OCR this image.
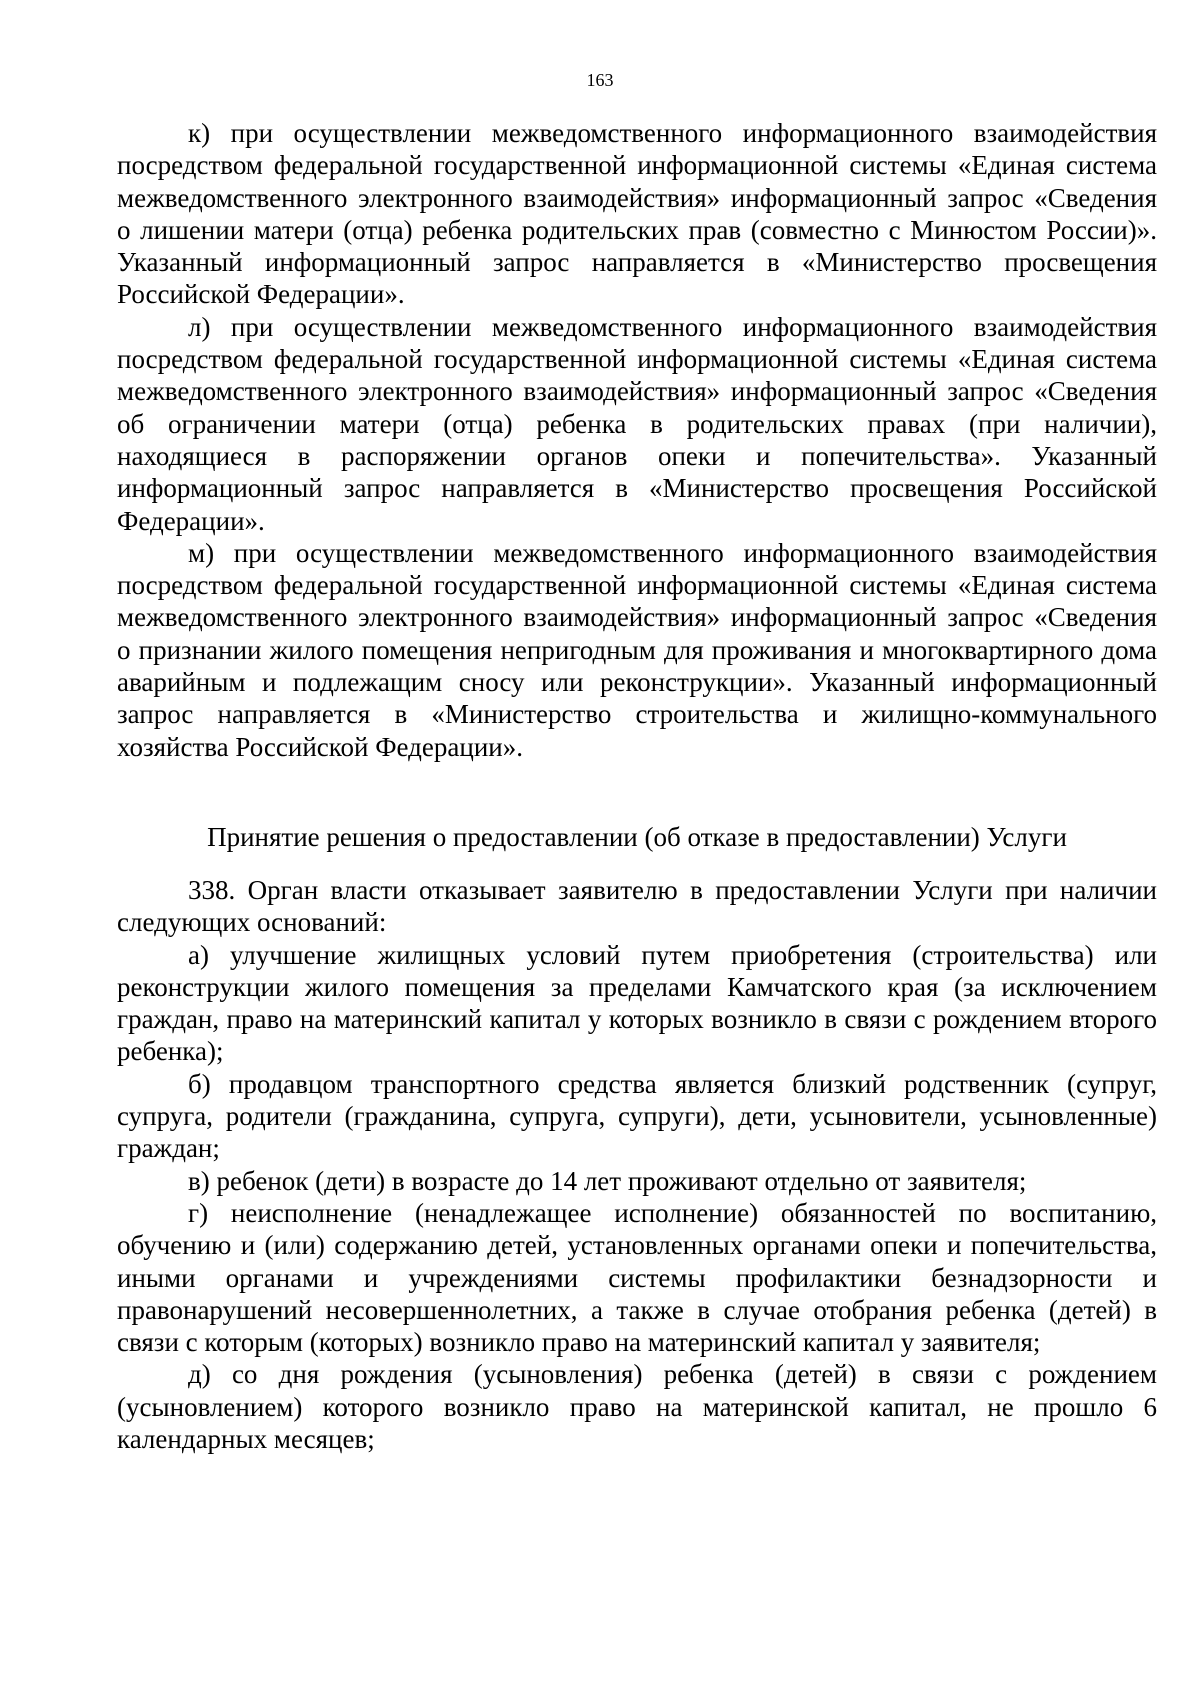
163

к) при осуществлении межведомственного информационного взаимодействия посредством федеральной государственной информационной системы «Единая система межведомственного электронного взаимодействия» информационный запрос «Сведения о лишении матери (отца) ребенка родительских прав (совместно с Минюстом России)». Указанный информационный запрос направляется в «Министерство просвещения Российской Федерации».

л) при осуществлении межведомственного информационного взаимодействия посредством федеральной государственной информационной системы «Единая система межведомственного электронного взаимодействия» информационный запрос «Сведения об ограничении матери (отца) ребенка в родительских правах (при наличии), находящиеся в распоряжении органов опеки и попечительства». Указанный информационный запрос направляется в «Министерство просвещения Российской Федерации».

м) при осуществлении межведомственного информационного взаимодействия посредством федеральной государственной информационной системы «Единая система межведомственного электронного взаимодействия» информационный запрос «Сведения о признании жилого помещения непригодным для проживания и многоквартирного дома аварийным и подлежащим сносу или реконструкции». Указанный информационный запрос направляется в «Министерство строительства и жилищно-коммунального хозяйства Российской Федерации».

Принятие решения о предоставлении (об отказе в предоставлении) Услуги

338. Орган власти отказывает заявителю в предоставлении Услуги при наличии следующих оснований:

а) улучшение жилищных условий путем приобретения (строительства) или реконструкции жилого помещения за пределами Камчатского края (за исключением граждан, право на материнский капитал у которых возникло в связи с рождением второго ребенка);

б) продавцом транспортного средства является близкий родственник (супруг, супруга, родители (гражданина, супруга, супруги), дети, усыновители, усыновленные) граждан;

в) ребенок (дети) в возрасте до 14 лет проживают отдельно от заявителя;

г) неисполнение (ненадлежащее исполнение) обязанностей по воспитанию, обучению и (или) содержанию детей, установленных органами опеки и попечительства, иными органами и учреждениями системы профилактики безнадзорности и правонарушений несовершеннолетних, а также в случае отобрания ребенка (детей) в связи с которым (которых) возникло право на материнский капитал у заявителя;

д) со дня рождения (усыновления) ребенка (детей) в связи с рождением (усыновлением) которого возникло право на материнской капитал, не прошло 6 календарных месяцев;
